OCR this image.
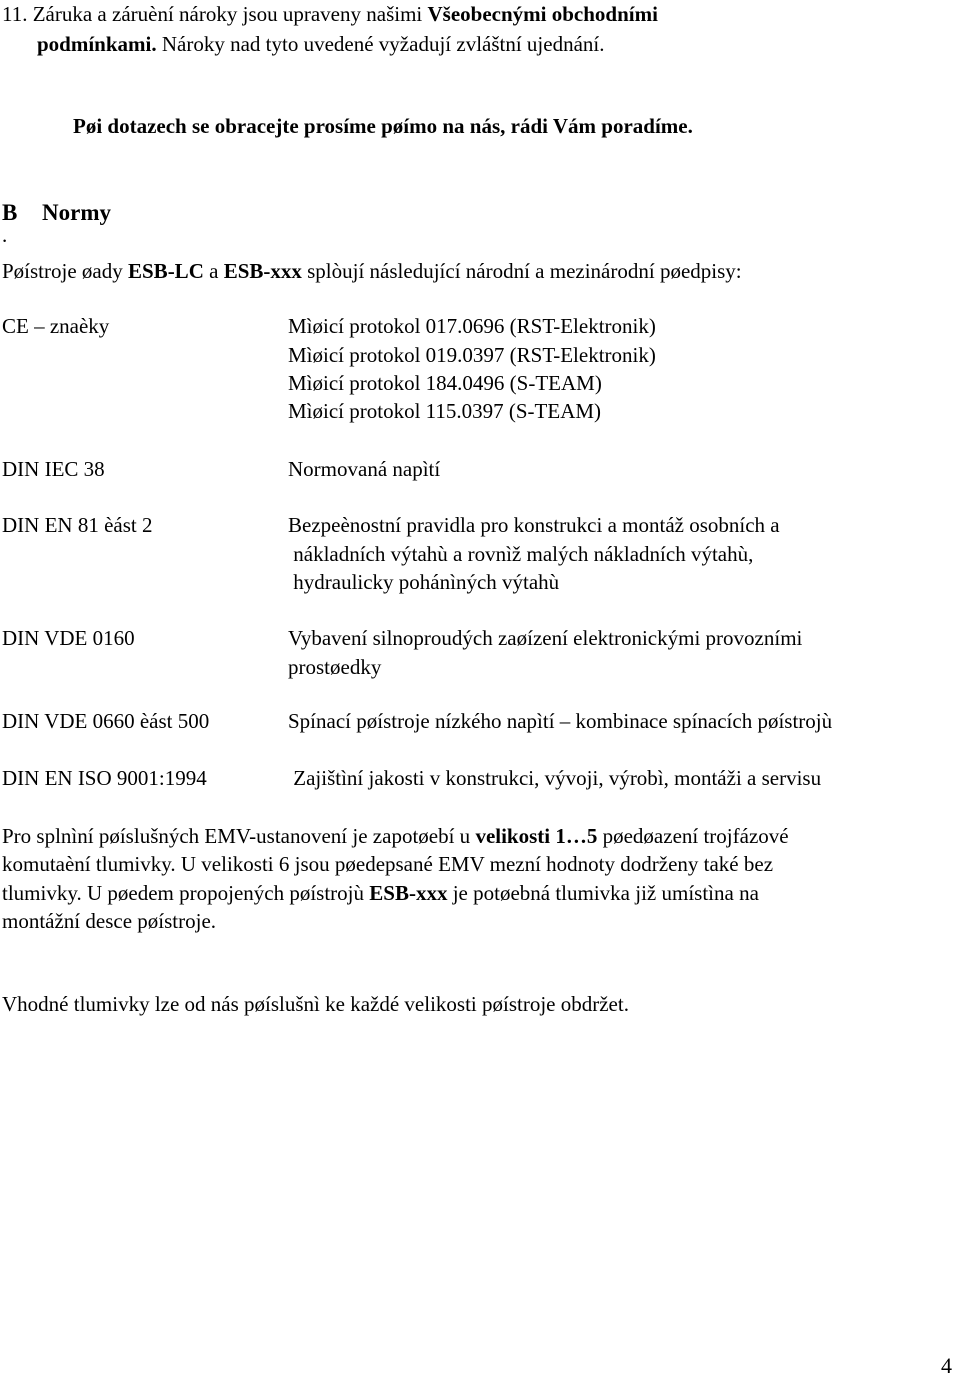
11. Záruka a záruèní nároky jsou upraveny našimi Všeobecnými obchodními
podmínkami. Nároky nad tyto uvedené vyžadují zvláštní ujednání.
Pøi dotazech se obracejte prosíme pøímo na nás, rádi Vám poradíme.
B Normy
.
Pøístroje øady ESB-LC a ESB-xxx splòují následující národní a mezinárodní pøedpisy:
CE – znaèky	Mìøicí protokol 017.0696 (RST-Elektronik)
Mìøicí protokol 019.0397 (RST-Elektronik)
Mìøicí protokol 184.0496 (S-TEAM)
Mìøicí protokol 115.0397 (S-TEAM)
DIN IEC 38	Normovaná napìtí
DIN EN 81 èást 2	Bezpeènostní pravidla pro konstrukci a montáž osobních a
nákladních výtahù a rovnìž malých nákladních výtahù,
hydraulicky pohánìných výtahù
DIN VDE 0160	Vybavení silnoproudých zaøízení elektronickými provozními
prostøedky
DIN VDE 0660 èást 500	Spínací pøístroje nízkého napìtí – kombinace spínacích pøístrojù
DIN EN ISO 9001:1994	Zajištìní jakosti v konstrukci, vývoji, výrobì, montáži a servisu
Pro splnìní pøíslušných EMV-ustanovení je zapotøebí u velikosti 1…5 pøedøazení trojfázové
komutaèní tlumivky. U velikosti 6 jsou pøedepsané EMV mezní hodnoty dodrženy také bez
tlumivky. U pøedem propojených pøístrojù ESB-xxx je potøebná tlumivka již umístìna na
montážní desce pøístroje.
Vhodné tlumivky lze od nás pøíslušnì ke každé velikosti pøístroje obdržet.
4
